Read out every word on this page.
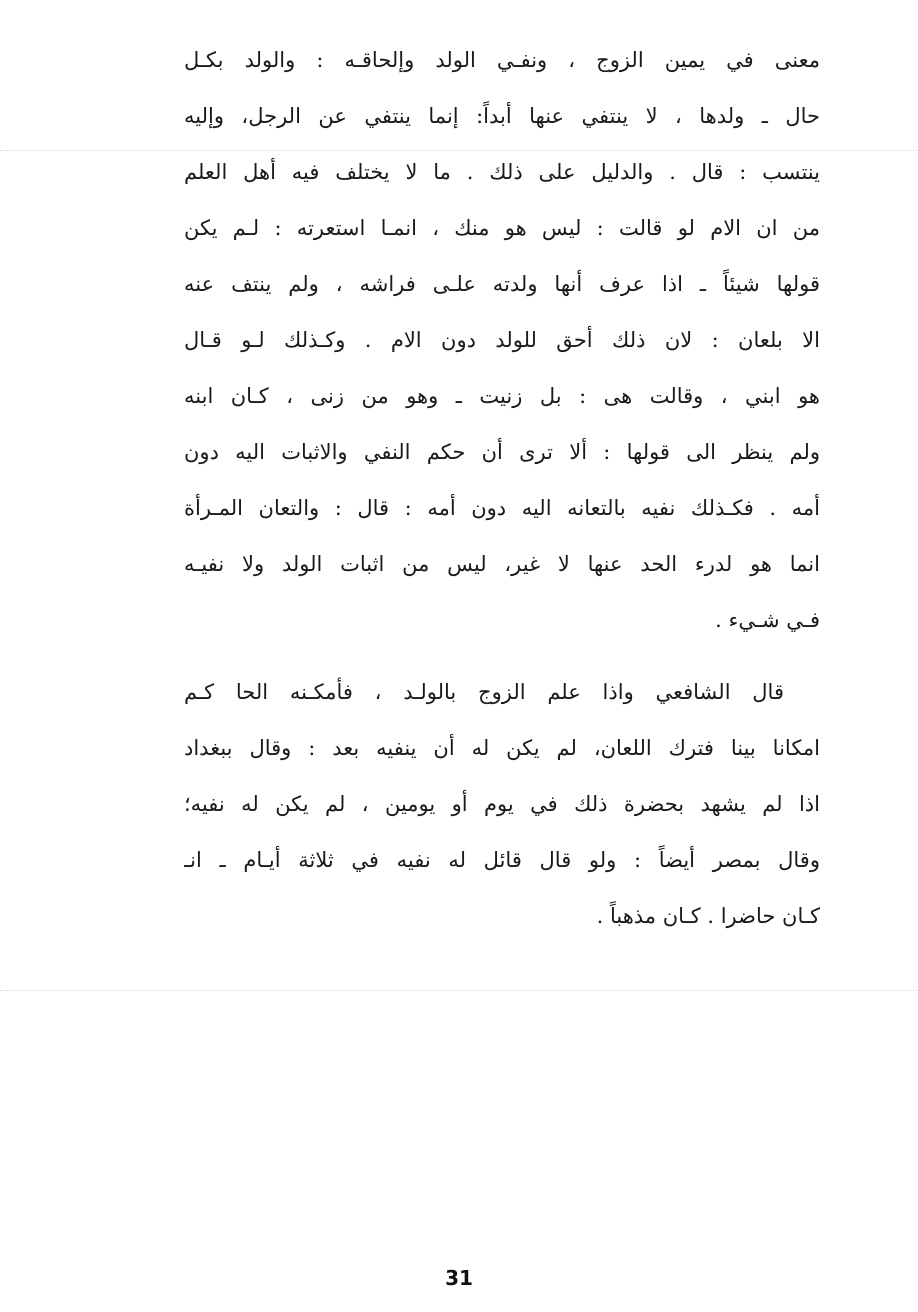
معنى في يمين الزوج ، ونفـي الولد وإلحاقـه : والولد بكـل
حال ـ ولدها ، لا ينتفي عنها أبداً: إنما ينتفي عن الرجل، وإليه
ينتسب : قال . والدليل على ذلك . ما لا يختلف فيه أهل العلم
من ان الام لو قالت : ليس هو منك ، انمـا استعرته : لـم يكن
قولها شيئاً ـ اذا عرف أنها ولدته علـى فراشه ، ولم ينتف عنه
الا بلعان : لان ذلك أحق للولد دون الام . وكـذلك لـو قـال
هو ابني ، وقالت هى : بل زنيت ـ وهو من زنى ، كـان ابنه
ولم ينظر الى قولها : ألا ترى أن حكم النفي والاثبات اليه دون
أمه . فكـذلك نفيه بالتعانه اليه دون أمه : قال : والتعان المـرأة
انما هو لدرء الحد عنها لا غير، ليس من اثبات الولد ولا نفيـه
فـي شـيء .
قال الشافعي واذا علم الزوج بالولـد ، فأمكـنه الحا كـم
امكانا بينا فترك اللعان، لم يكن له أن ينفيه بعد : وقال ببغداد
اذا لم يشهد بحضرة ذلك في يوم أو يومين ، لم يكن له نفيه؛
وقال بمصر أيضاً : ولو قال قائل له نفيه في ثلاثة أيـام ـ انـ
كـان حاضرا . كـان مذهباً .
31
